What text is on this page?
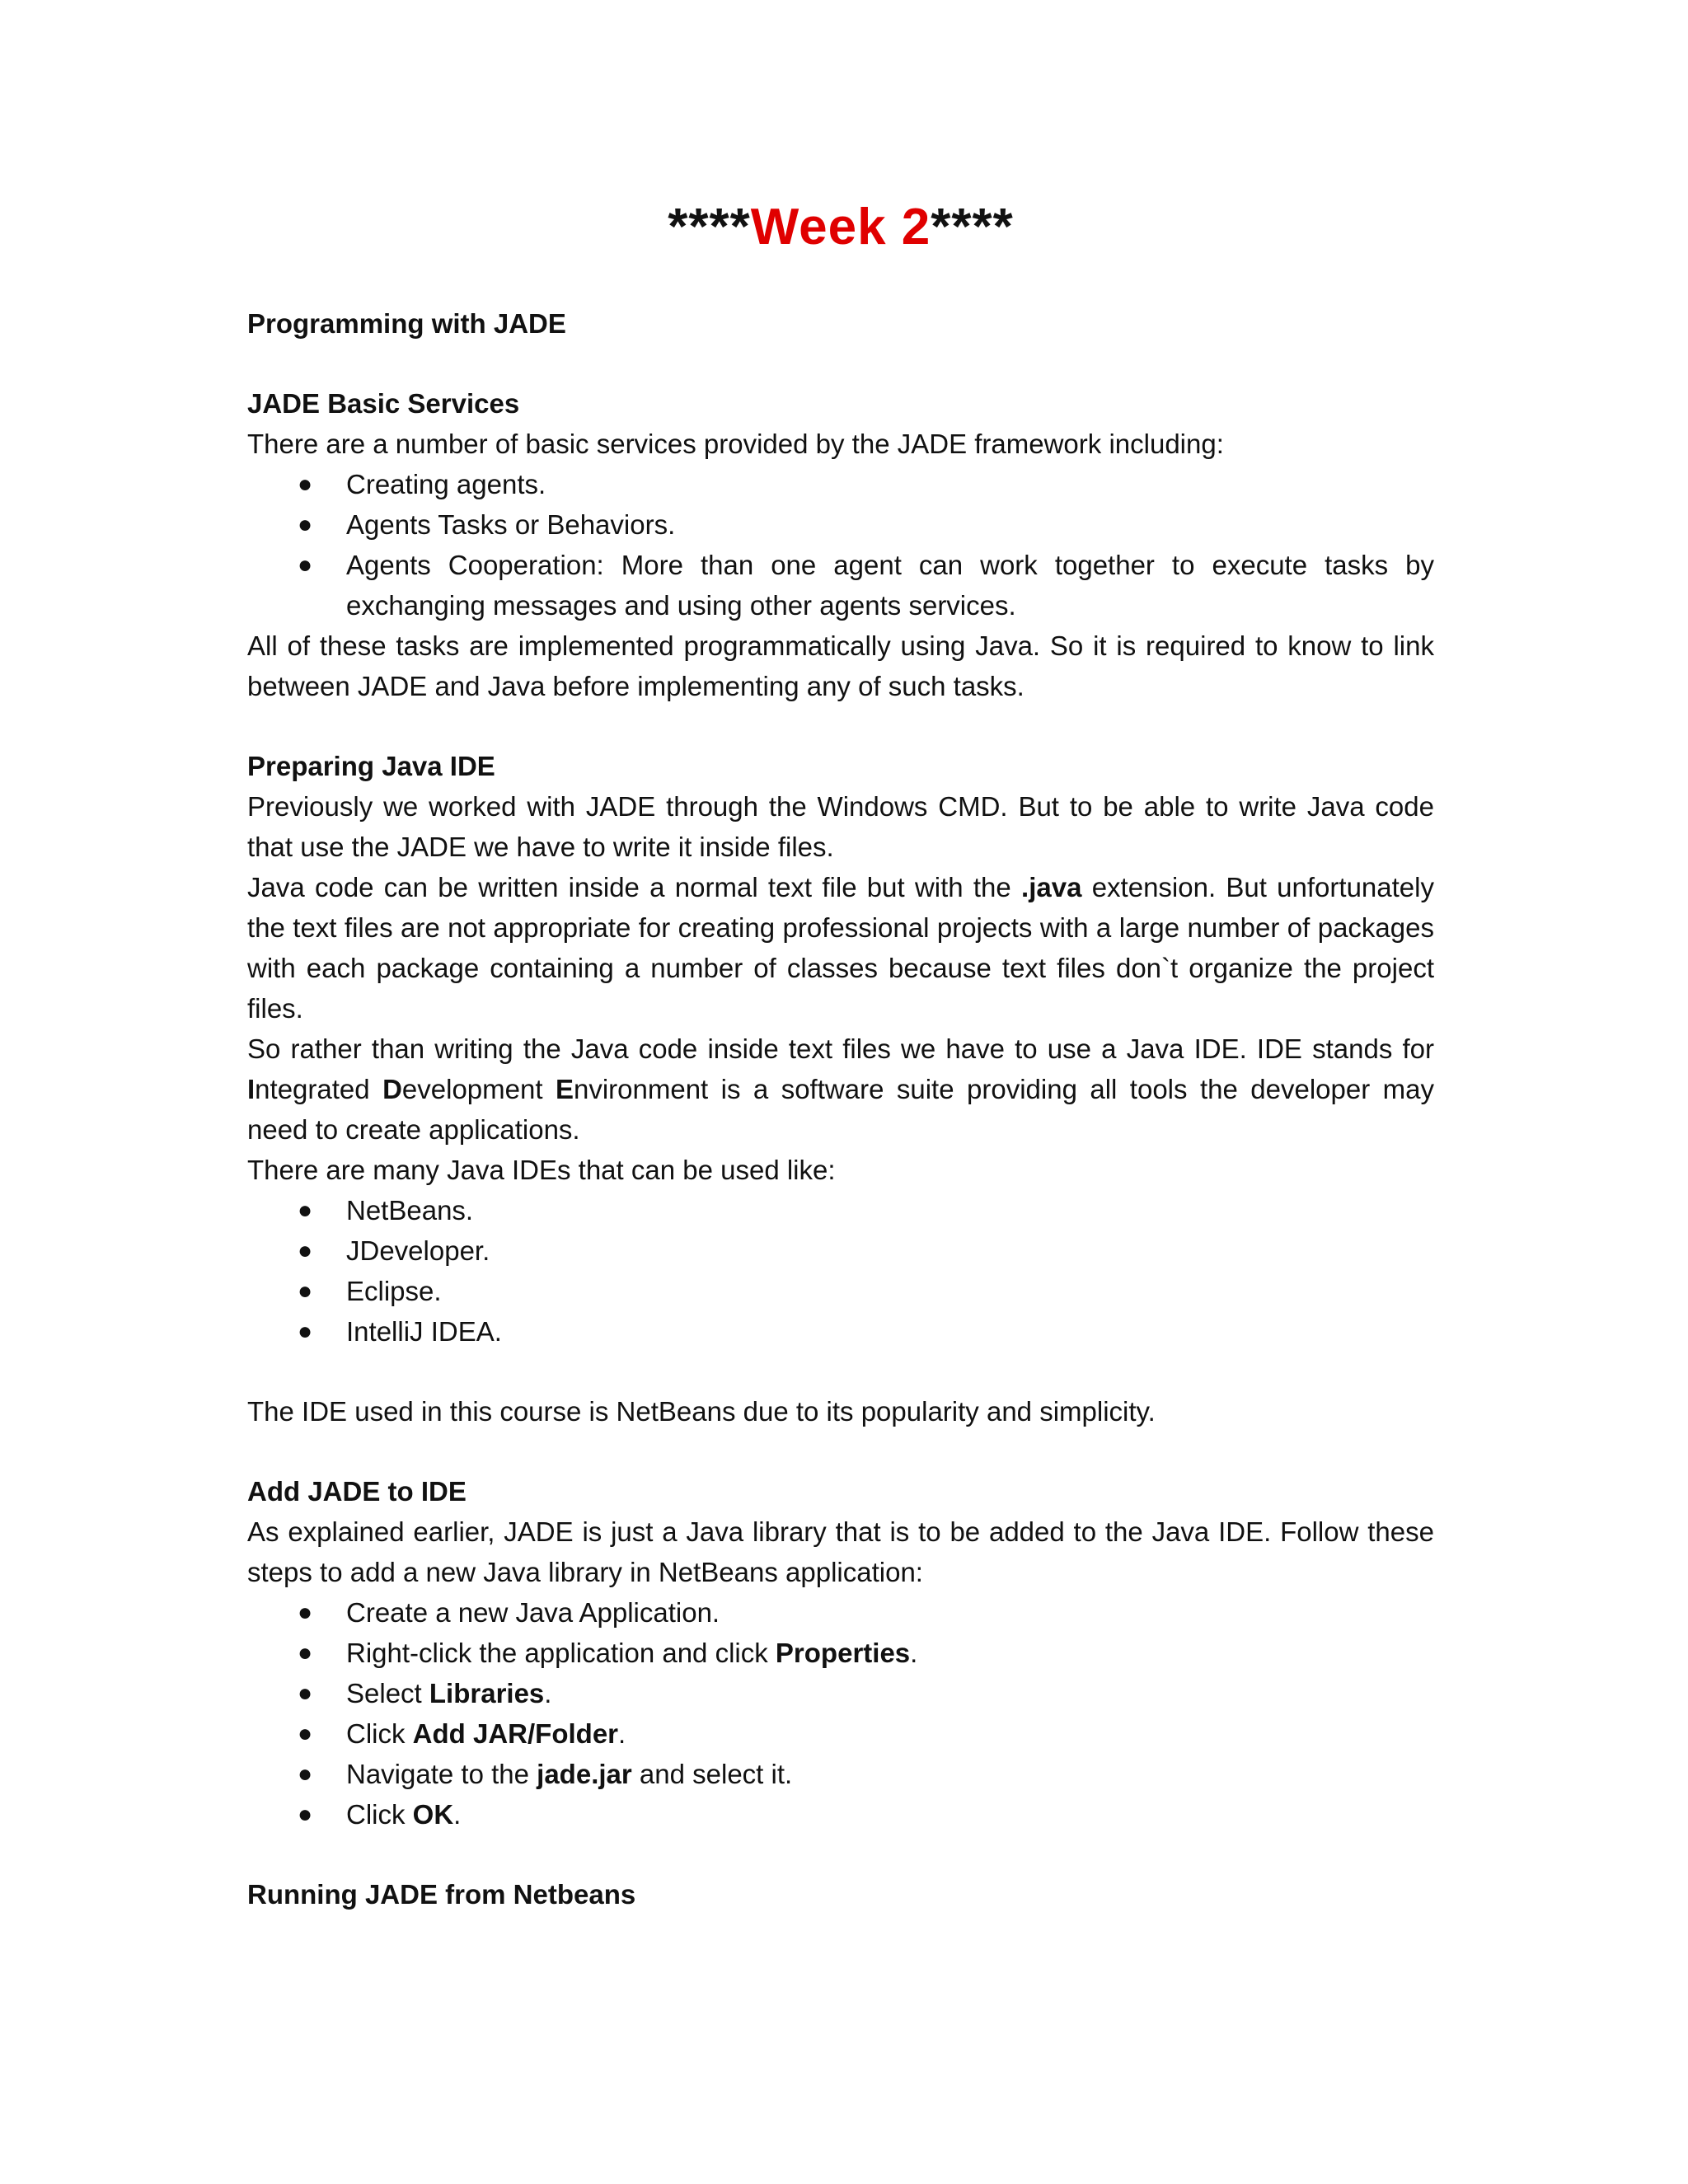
****Week 2****

Programming with JADE

JADE Basic Services

There are a number of basic services provided by the JADE framework including:

● Creating agents.
● Agents Tasks or Behaviors.
● Agents Cooperation: More than one agent can work together to execute tasks by exchanging messages and using other agents services.

All of these tasks are implemented programmatically using Java. So it is required to know to link between JADE and Java before implementing any of such tasks.

Preparing Java IDE

Previously we worked with JADE through the Windows CMD. But to be able to write Java code that use the JADE we have to write it inside files.

Java code can be written inside a normal text file but with the .java extension. But unfortunately the text files are not appropriate for creating professional projects with a large number of packages with each package containing a number of classes because text files don`t organize the project files.

So rather than writing the Java code inside text files we have to use a Java IDE. IDE stands for Integrated Development Environment is a software suite providing all tools the developer may need to create applications.

There are many Java IDEs that can be used like:

● NetBeans.
● JDeveloper.
● Eclipse.
● IntelliJ IDEA.

The IDE used in this course is NetBeans due to its popularity and simplicity.

Add JADE to IDE

As explained earlier, JADE is just a Java library that is to be added to the Java IDE. Follow these steps to add a new Java library in NetBeans application:

● Create a new Java Application.
● Right-click the application and click Properties.
● Select Libraries.
● Click Add JAR/Folder.
● Navigate to the jade.jar and select it.
● Click OK.

Running JADE from Netbeans
